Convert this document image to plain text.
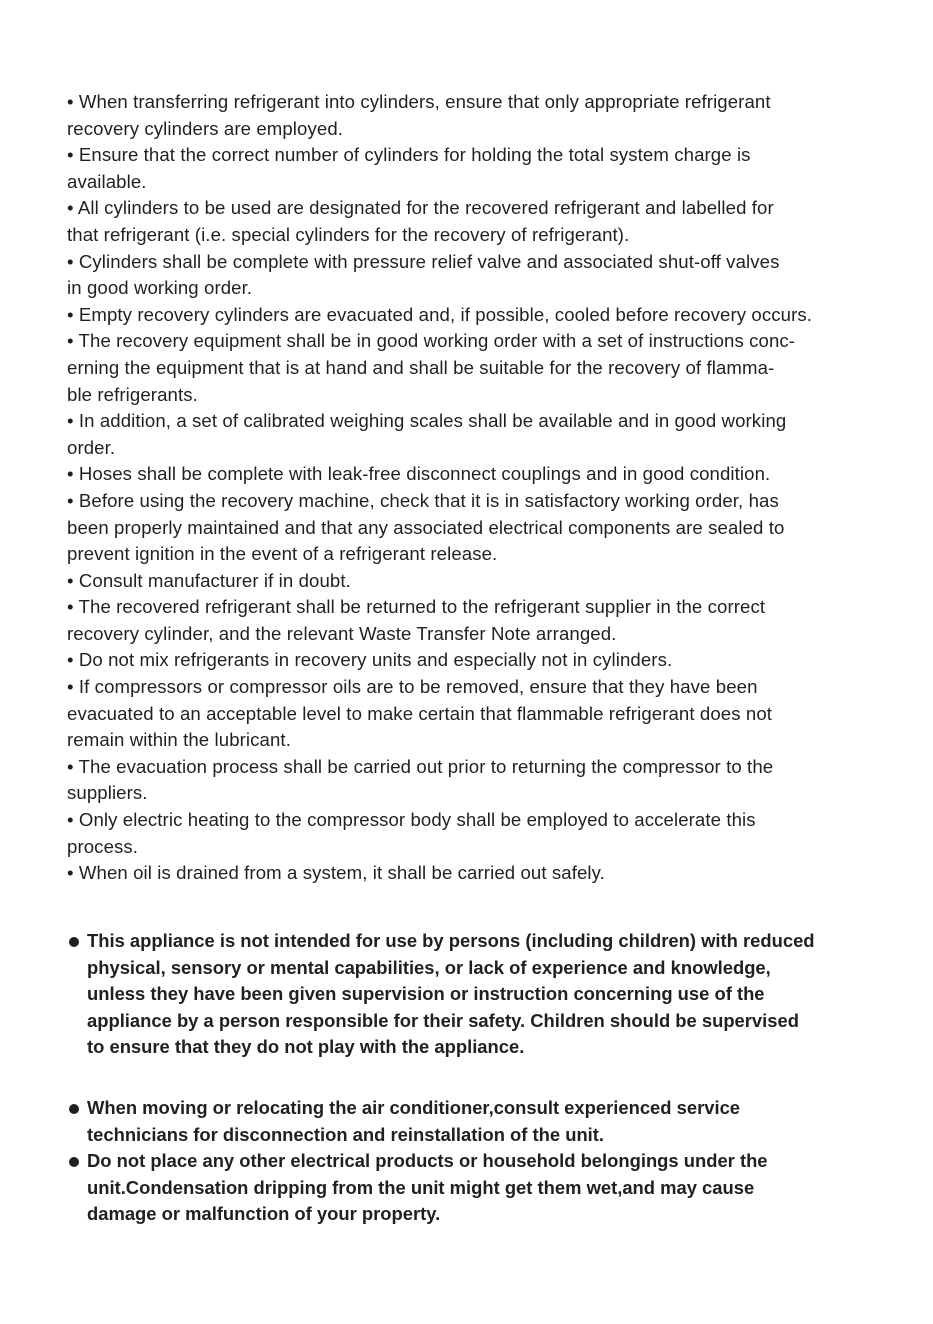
• When transferring refrigerant into cylinders, ensure that only appropriate refrigerant
recovery cylinders are employed.
• Ensure that the correct number of cylinders for holding the total system charge is
available.
• All cylinders to be used are designated for the recovered refrigerant and labelled for
that refrigerant (i.e. special cylinders for the recovery of refrigerant).
• Cylinders shall be complete with pressure relief valve and associated shut-off valves
in good working order.
• Empty recovery cylinders are evacuated and, if possible, cooled before recovery occurs.
• The recovery equipment shall be in good working order with a set of instructions conc-
erning the equipment that is at hand and shall be suitable for the recovery of flamma-
ble refrigerants.
• In addition, a set of calibrated weighing scales shall be available and in good working
order.
• Hoses shall be complete with leak-free disconnect couplings and in good condition.
• Before using the recovery machine, check that it is in satisfactory working order, has
been properly maintained and that any associated electrical components are sealed to
prevent ignition in the event of a refrigerant release.
• Consult manufacturer if in doubt.
• The recovered refrigerant shall be returned to the refrigerant supplier in the correct
recovery cylinder, and the relevant Waste Transfer Note arranged.
• Do not mix refrigerants in recovery units and especially not in cylinders.
• If compressors or compressor oils are to be removed, ensure that they have been
evacuated to an acceptable level to make certain that flammable refrigerant does not
remain within the lubricant.
• The evacuation process shall be carried out prior to returning the compressor to the
suppliers.
• Only electric heating to the compressor body shall be employed to accelerate this
process.
• When oil is drained from a system, it shall be carried out safely.
This appliance is not intended for use by persons (including children) with reduced
physical, sensory or mental capabilities, or lack of experience and knowledge,
unless they have been given supervision or instruction concerning use of the
appliance by a person responsible for their safety. Children should be supervised
to ensure that they do not play with the appliance.
When moving or relocating the air conditioner,consult experienced service
technicians for disconnection and reinstallation of the unit.
Do not place any other electrical products or household belongings under the
unit.Condensation dripping from the unit might get them wet,and may cause
damage or malfunction of your property.
